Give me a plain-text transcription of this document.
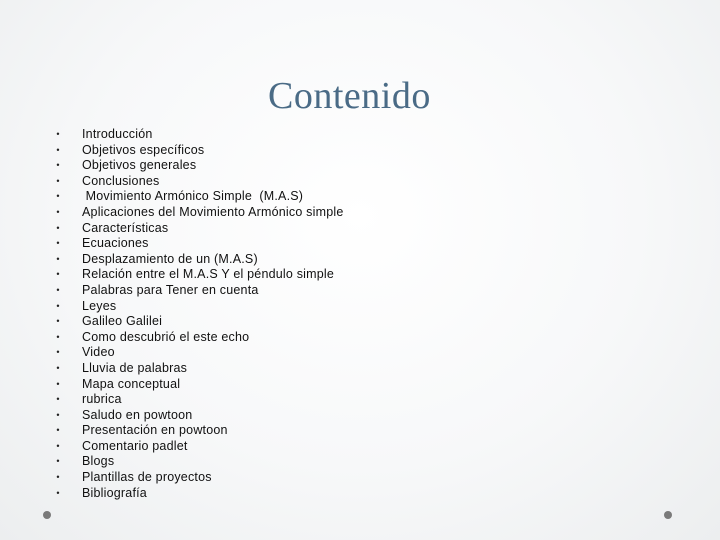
Contenido
• Introducción
• Objetivos específicos
• Objetivos generales
• Conclusiones
• Movimiento Armónico Simple  (M.A.S)
• Aplicaciones del Movimiento Armónico simple
• Características
• Ecuaciones
• Desplazamiento de un (M.A.S)
• Relación entre el M.A.S Y el péndulo simple
• Palabras para Tener en cuenta
• Leyes
• Galileo Galilei
• Como descubrió el este echo
• Video
• Lluvia de palabras
• Mapa conceptual
• rubrica
• Saludo en powtoon
• Presentación en powtoon
• Comentario padlet
• Blogs
• Plantillas de proyectos
• Bibliografía
